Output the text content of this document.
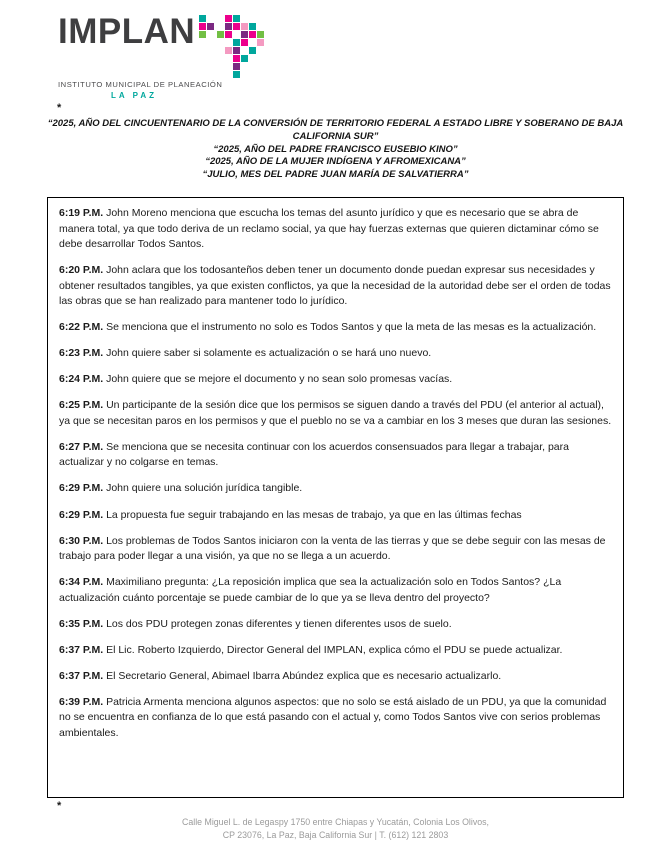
IMPLAN
INSTITUTO MUNICIPAL DE PLANEACIÓN
LA PAZ
*

“2025, AÑO DEL CINCUENTENARIO DE LA CONVERSIÓN DE TERRITORIO FEDERAL A ESTADO LIBRE Y SOBERANO DE BAJA CALIFORNIA SUR”

“2025, AÑO DEL PADRE FRANCISCO EUSEBIO KINO”

“2025, AÑO DE LA MUJER INDÍGENA Y AFROMEXICANA”

“JULIO, MES DEL PADRE JUAN MARÍA DE SALVATIERRA”

6:19 P.M. John Moreno menciona que escucha los temas del asunto jurídico y que es necesario que se abra de manera total, ya que todo deriva de un reclamo social, ya que hay fuerzas externas que quieren dictaminar cómo se debe desarrollar Todos Santos.

6:20 P.M. John aclara que los todosanteños deben tener un documento donde puedan expresar sus necesidades y obtener resultados tangibles, ya que existen conflictos, ya que la necesidad de la autoridad debe ser el orden de todas las obras que se han realizado para mantener todo lo jurídico.

6:22 P.M. Se menciona que el instrumento no solo es Todos Santos y que la meta de las mesas es la actualización.

6:23 P.M. John quiere saber si solamente es actualización o se hará uno nuevo.

6:24 P.M. John quiere que se mejore el documento y no sean solo promesas vacías.

6:25 P.M. Un participante de la sesión dice que los permisos se siguen dando a través del PDU (el anterior al actual), ya que se necesitan paros en los permisos y que el pueblo no se va a cambiar en los 3 meses que duran las sesiones.

6:27 P.M. Se menciona que se necesita continuar con los acuerdos consensuados para llegar a trabajar, para actualizar y no colgarse en temas.

6:29 P.M. John quiere una solución jurídica tangible.

6:29 P.M. La propuesta fue seguir trabajando en las mesas de trabajo, ya que en las últimas fechas

6:30 P.M. Los problemas de Todos Santos iniciaron con la venta de las tierras y que se debe seguir con las mesas de trabajo para poder llegar a una visión, ya que no se llega a un acuerdo.

6:34 P.M. Maximiliano pregunta: ¿La reposición implica que sea la actualización solo en Todos Santos? ¿La actualización cuánto porcentaje se puede cambiar de lo que ya se lleva dentro del proyecto?

6:35 P.M. Los dos PDU protegen zonas diferentes y tienen diferentes usos de suelo.

6:37 P.M. El Lic. Roberto Izquierdo, Director General del IMPLAN, explica cómo el PDU se puede actualizar.

6:37 P.M. El Secretario General, Abimael Ibarra Abúndez explica que es necesario actualizarlo.

6:39 P.M. Patricia Armenta menciona algunos aspectos: que no solo se está aislado de un PDU, ya que la comunidad no se encuentra en confianza de lo que está pasando con el actual y, como Todos Santos vive con serios problemas ambientales.

*
Calle Miguel L. de Legaspy 1750 entre Chiapas y Yucatán, Colonia Los Olivos,
CP 23076, La Paz, Baja California Sur | T. (612) 121 2803
